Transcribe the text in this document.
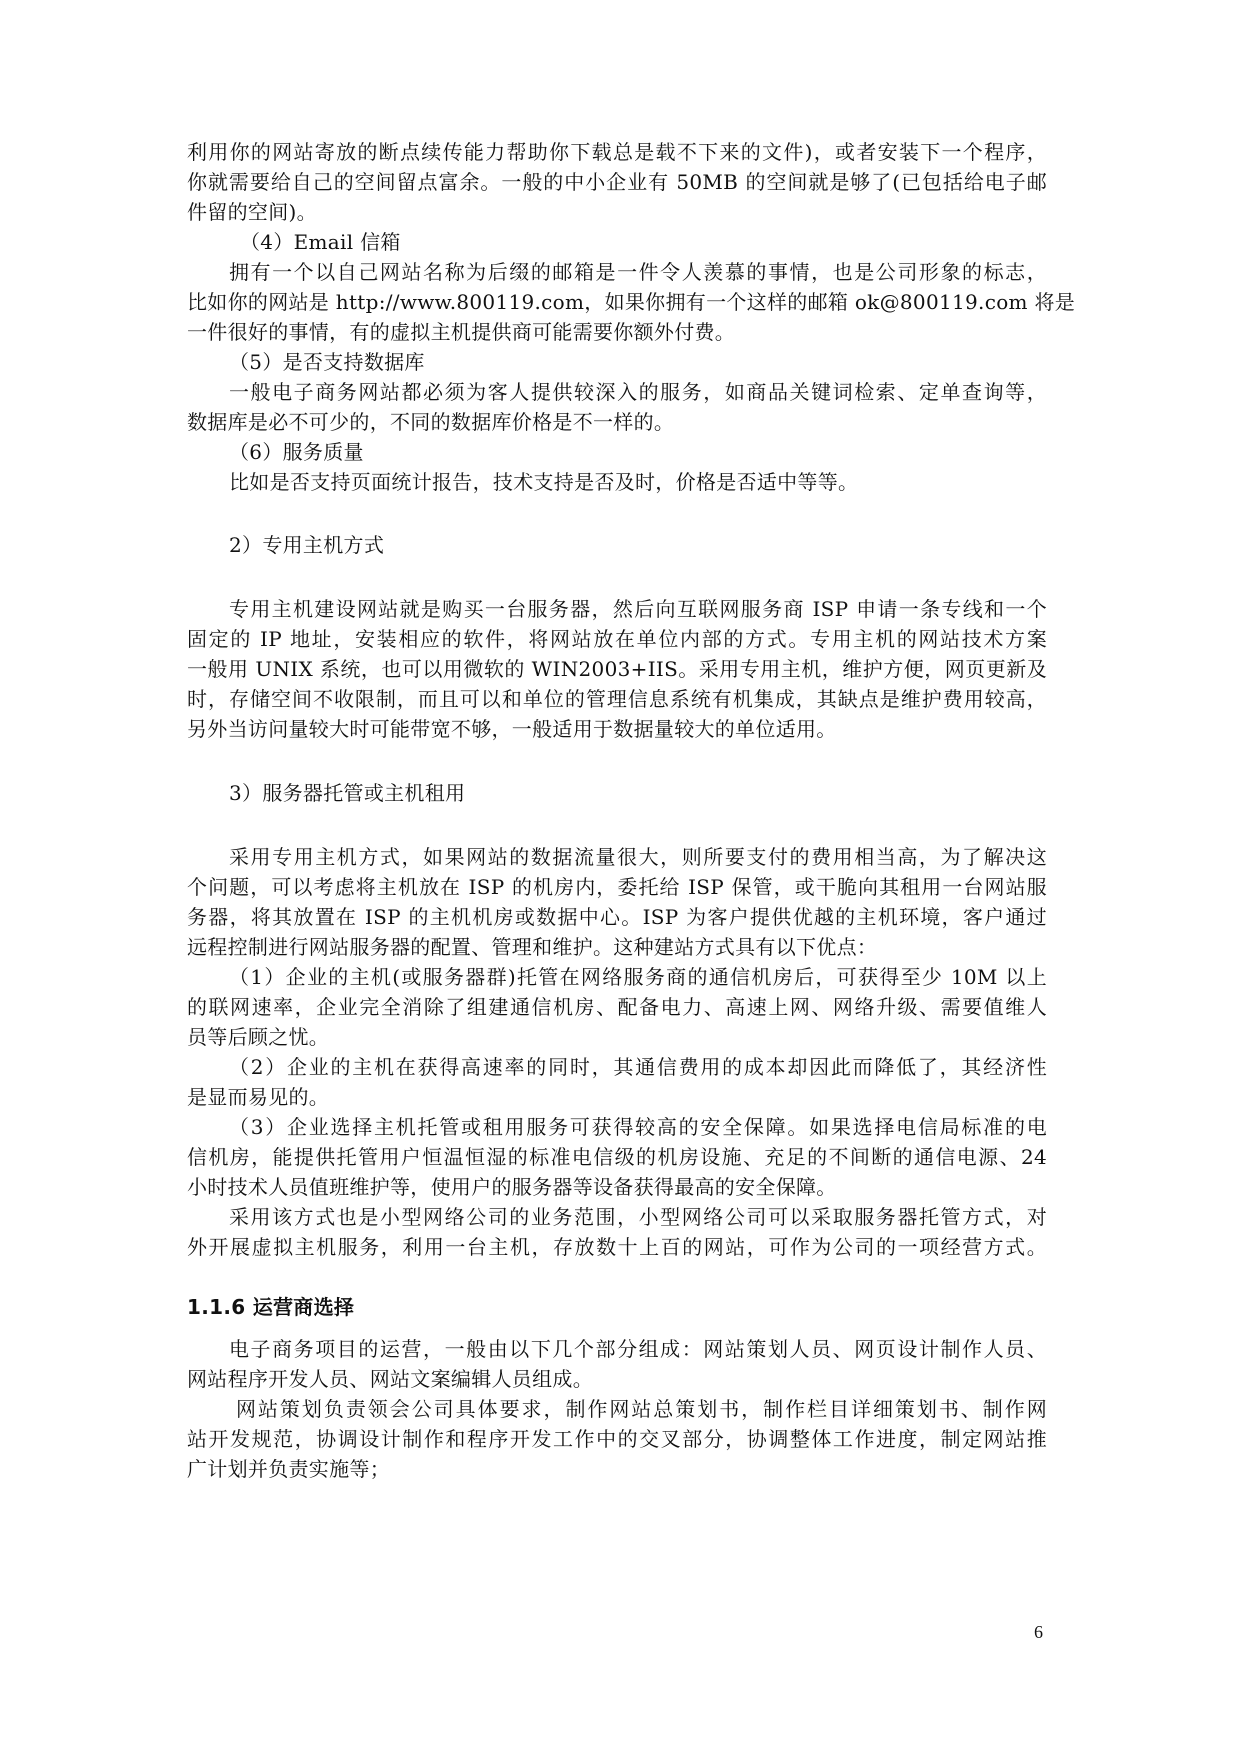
利用你的网站寄放的断点续传能力帮助你下载总是载不下来的文件)，或者安装下一个程序，
你就需要给自己的空间留点富余。一般的中小企业有 50MB 的空间就是够了(已包括给电子邮
件留的空间)。
（4）Email 信箱
拥有一个以自己网站名称为后缀的邮箱是一件令人羡慕的事情，也是公司形象的标志，
比如你的网站是 http://www.800119.com，如果你拥有一个这样的邮箱 ok@800119.com 将是
一件很好的事情，有的虚拟主机提供商可能需要你额外付费。
（5）是否支持数据库
一般电子商务网站都必须为客人提供较深入的服务，如商品关键词检索、定单查询等，
数据库是必不可少的，不同的数据库价格是不一样的。
（6）服务质量
比如是否支持页面统计报告，技术支持是否及时，价格是否适中等等。
2）专用主机方式
专用主机建设网站就是购买一台服务器，然后向互联网服务商 ISP 申请一条专线和一个
固定的 IP 地址，安装相应的软件，将网站放在单位内部的方式。专用主机的网站技术方案
一般用 UNIX 系统，也可以用微软的 WIN2003+IIS。采用专用主机，维护方便，网页更新及
时，存储空间不收限制，而且可以和单位的管理信息系统有机集成，其缺点是维护费用较高，
另外当访问量较大时可能带宽不够，一般适用于数据量较大的单位适用。
3）服务器托管或主机租用
采用专用主机方式，如果网站的数据流量很大，则所要支付的费用相当高，为了解决这
个问题，可以考虑将主机放在 ISP 的机房内，委托给 ISP 保管，或干脆向其租用一台网站服
务器，将其放置在 ISP 的主机机房或数据中心。ISP 为客户提供优越的主机环境，客户通过
远程控制进行网站服务器的配置、管理和维护。这种建站方式具有以下优点：
（1）企业的主机(或服务器群)托管在网络服务商的通信机房后，可获得至少 10M 以上
的联网速率，企业完全消除了组建通信机房、配备电力、高速上网、网络升级、需要值维人
员等后顾之忧。
（2）企业的主机在获得高速率的同时，其通信费用的成本却因此而降低了，其经济性
是显而易见的。
（3）企业选择主机托管或租用服务可获得较高的安全保障。如果选择电信局标准的电
信机房，能提供托管用户恒温恒湿的标准电信级的机房设施、充足的不间断的通信电源、24
小时技术人员值班维护等，使用户的服务器等设备获得最高的安全保障。
采用该方式也是小型网络公司的业务范围，小型网络公司可以采取服务器托管方式，对
外开展虚拟主机服务，利用一台主机，存放数十上百的网站，可作为公司的一项经营方式。
1.1.6 运营商选择
电子商务项目的运营，一般由以下几个部分组成：网站策划人员、网页设计制作人员、
网站程序开发人员、网站文案编辑人员组成。
网站策划负责领会公司具体要求，制作网站总策划书，制作栏目详细策划书、制作网
站开发规范，协调设计制作和程序开发工作中的交叉部分，协调整体工作进度，制定网站推
广计划并负责实施等；
6
